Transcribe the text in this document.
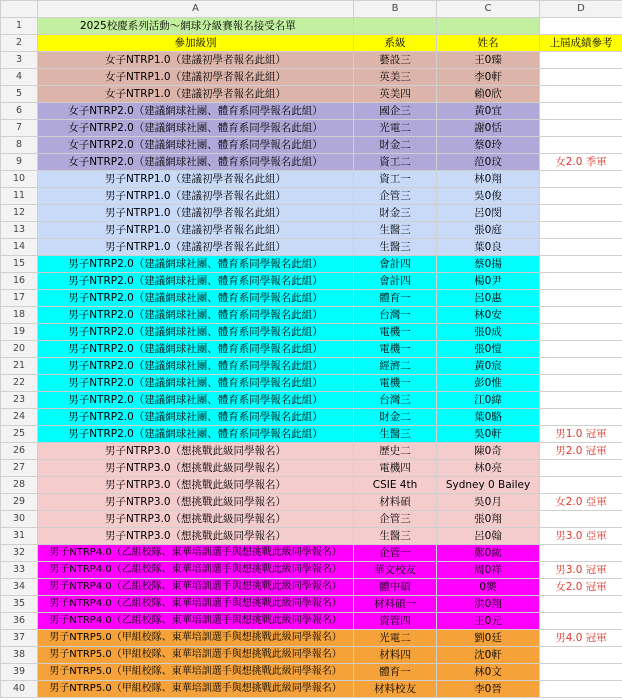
	A	B	C	D
1	2025校慶系列活動～網球分級賽報名接受名單			
2	參加級別	系級	姓名	上屆成績參考
3	女子NTRP1.0（建議初學者報名此組）	藝設三	王0臻	
4	女子NTRP1.0（建議初學者報名此組）	英美三	李0軒	
5	女子NTRP1.0（建議初學者報名此組）	英美四	賴0欣	
6	女子NTRP2.0（建議網球社團、體育系同學報名此組）	國企三	黃0宜	
7	女子NTRP2.0（建議網球社團、體育系同學報名此組）	光電二	謝0恬	
8	女子NTRP2.0（建議網球社團、體育系同學報名此組）	財金二	蔡0玲	
9	女子NTRP2.0（建議網球社團、體育系同學報名此組）	資工二	范0玟	女2.0 季軍
10	男子NTRP1.0（建議初學者報名此組）	資工一	林0翔	
11	男子NTRP1.0（建議初學者報名此組）	企管三	吳0俊	
12	男子NTRP1.0（建議初學者報名此組）	財金三	呂0閔	
13	男子NTRP1.0（建議初學者報名此組）	生醫三	張0庭	
14	男子NTRP1.0（建議初學者報名此組）	生醫三	葉0良	
15	男子NTRP2.0（建議網球社團、體育系同學報名此組）	會計四	蔡0揚	
16	男子NTRP2.0（建議網球社團、體育系同學報名此組）	會計四	楊0尹	
17	男子NTRP2.0（建議網球社團、體育系同學報名此組）	體育一	呂0惠	
18	男子NTRP2.0（建議網球社團、體育系同學報名此組）	台灣一	林0安	
19	男子NTRP2.0（建議網球社團、體育系同學報名此組）	電機一	張0成	
20	男子NTRP2.0（建議網球社團、體育系同學報名此組）	電機一	張0愷	
21	男子NTRP2.0（建議網球社團、體育系同學報名此組）	經濟二	黃0宸	
22	男子NTRP2.0（建議網球社團、體育系同學報名此組）	電機一	彭0惟	
23	男子NTRP2.0（建議網球社團、體育系同學報名此組）	台灣三	江0緯	
24	男子NTRP2.0（建議網球社團、體育系同學報名此組）	財金二	葉0駱	
25	男子NTRP2.0（建議網球社團、體育系同學報名此組）	生醫三	吳0軒	男1.0 冠軍
26	男子NTRP3.0（想挑戰此級同學報名）	歷史二	陳0奇	男2.0 冠軍
27	男子NTRP3.0（想挑戰此級同學報名）	電機四	林0亮	
28	男子NTRP3.0（想挑戰此級同學報名）	CSIE 4th	Sydney 0 Bailey	
29	男子NTRP3.0（想挑戰此級同學報名）	材料碩	吳0月	女2.0 亞軍
30	男子NTRP3.0（想挑戰此級同學報名）	企管三	張0翔	
31	男子NTRP3.0（想挑戰此級同學報名）	生醫三	呂0翰	男3.0 亞軍
32	男子NTRP4.0（乙組校隊、東華培訓選手與想挑戰此級同學報名）	企管一	鄭0紘	
33	男子NTRP4.0（乙組校隊、東華培訓選手與想挑戰此級同學報名）	華文校友	周0祥	男3.0 冠軍
34	男子NTRP4.0（乙組校隊、東華培訓選手與想挑戰此級同學報名）	體中碩	0樂	女2.0 冠軍
35	男子NTRP4.0（乙組校隊、東華培訓選手與想挑戰此級同學報名）	材料碩一	洪0翔	
36	男子NTRP4.0（乙組校隊、東華培訓選手與想挑戰此級同學報名）	資管四	王0元	
37	男子NTRP5.0（甲組校隊、東華培訓選手與想挑戰此級同學報名）	光電二	劉0廷	男4.0 冠軍
38	男子NTRP5.0（甲組校隊、東華培訓選手與想挑戰此級同學報名）	材料四	沈0軒	
39	男子NTRP5.0（甲組校隊、東華培訓選手與想挑戰此級同學報名）	體育一	林0文	
40	男子NTRP5.0（甲組校隊、東華培訓選手與想挑戰此級同學報名）	材料校友	李0晉	
